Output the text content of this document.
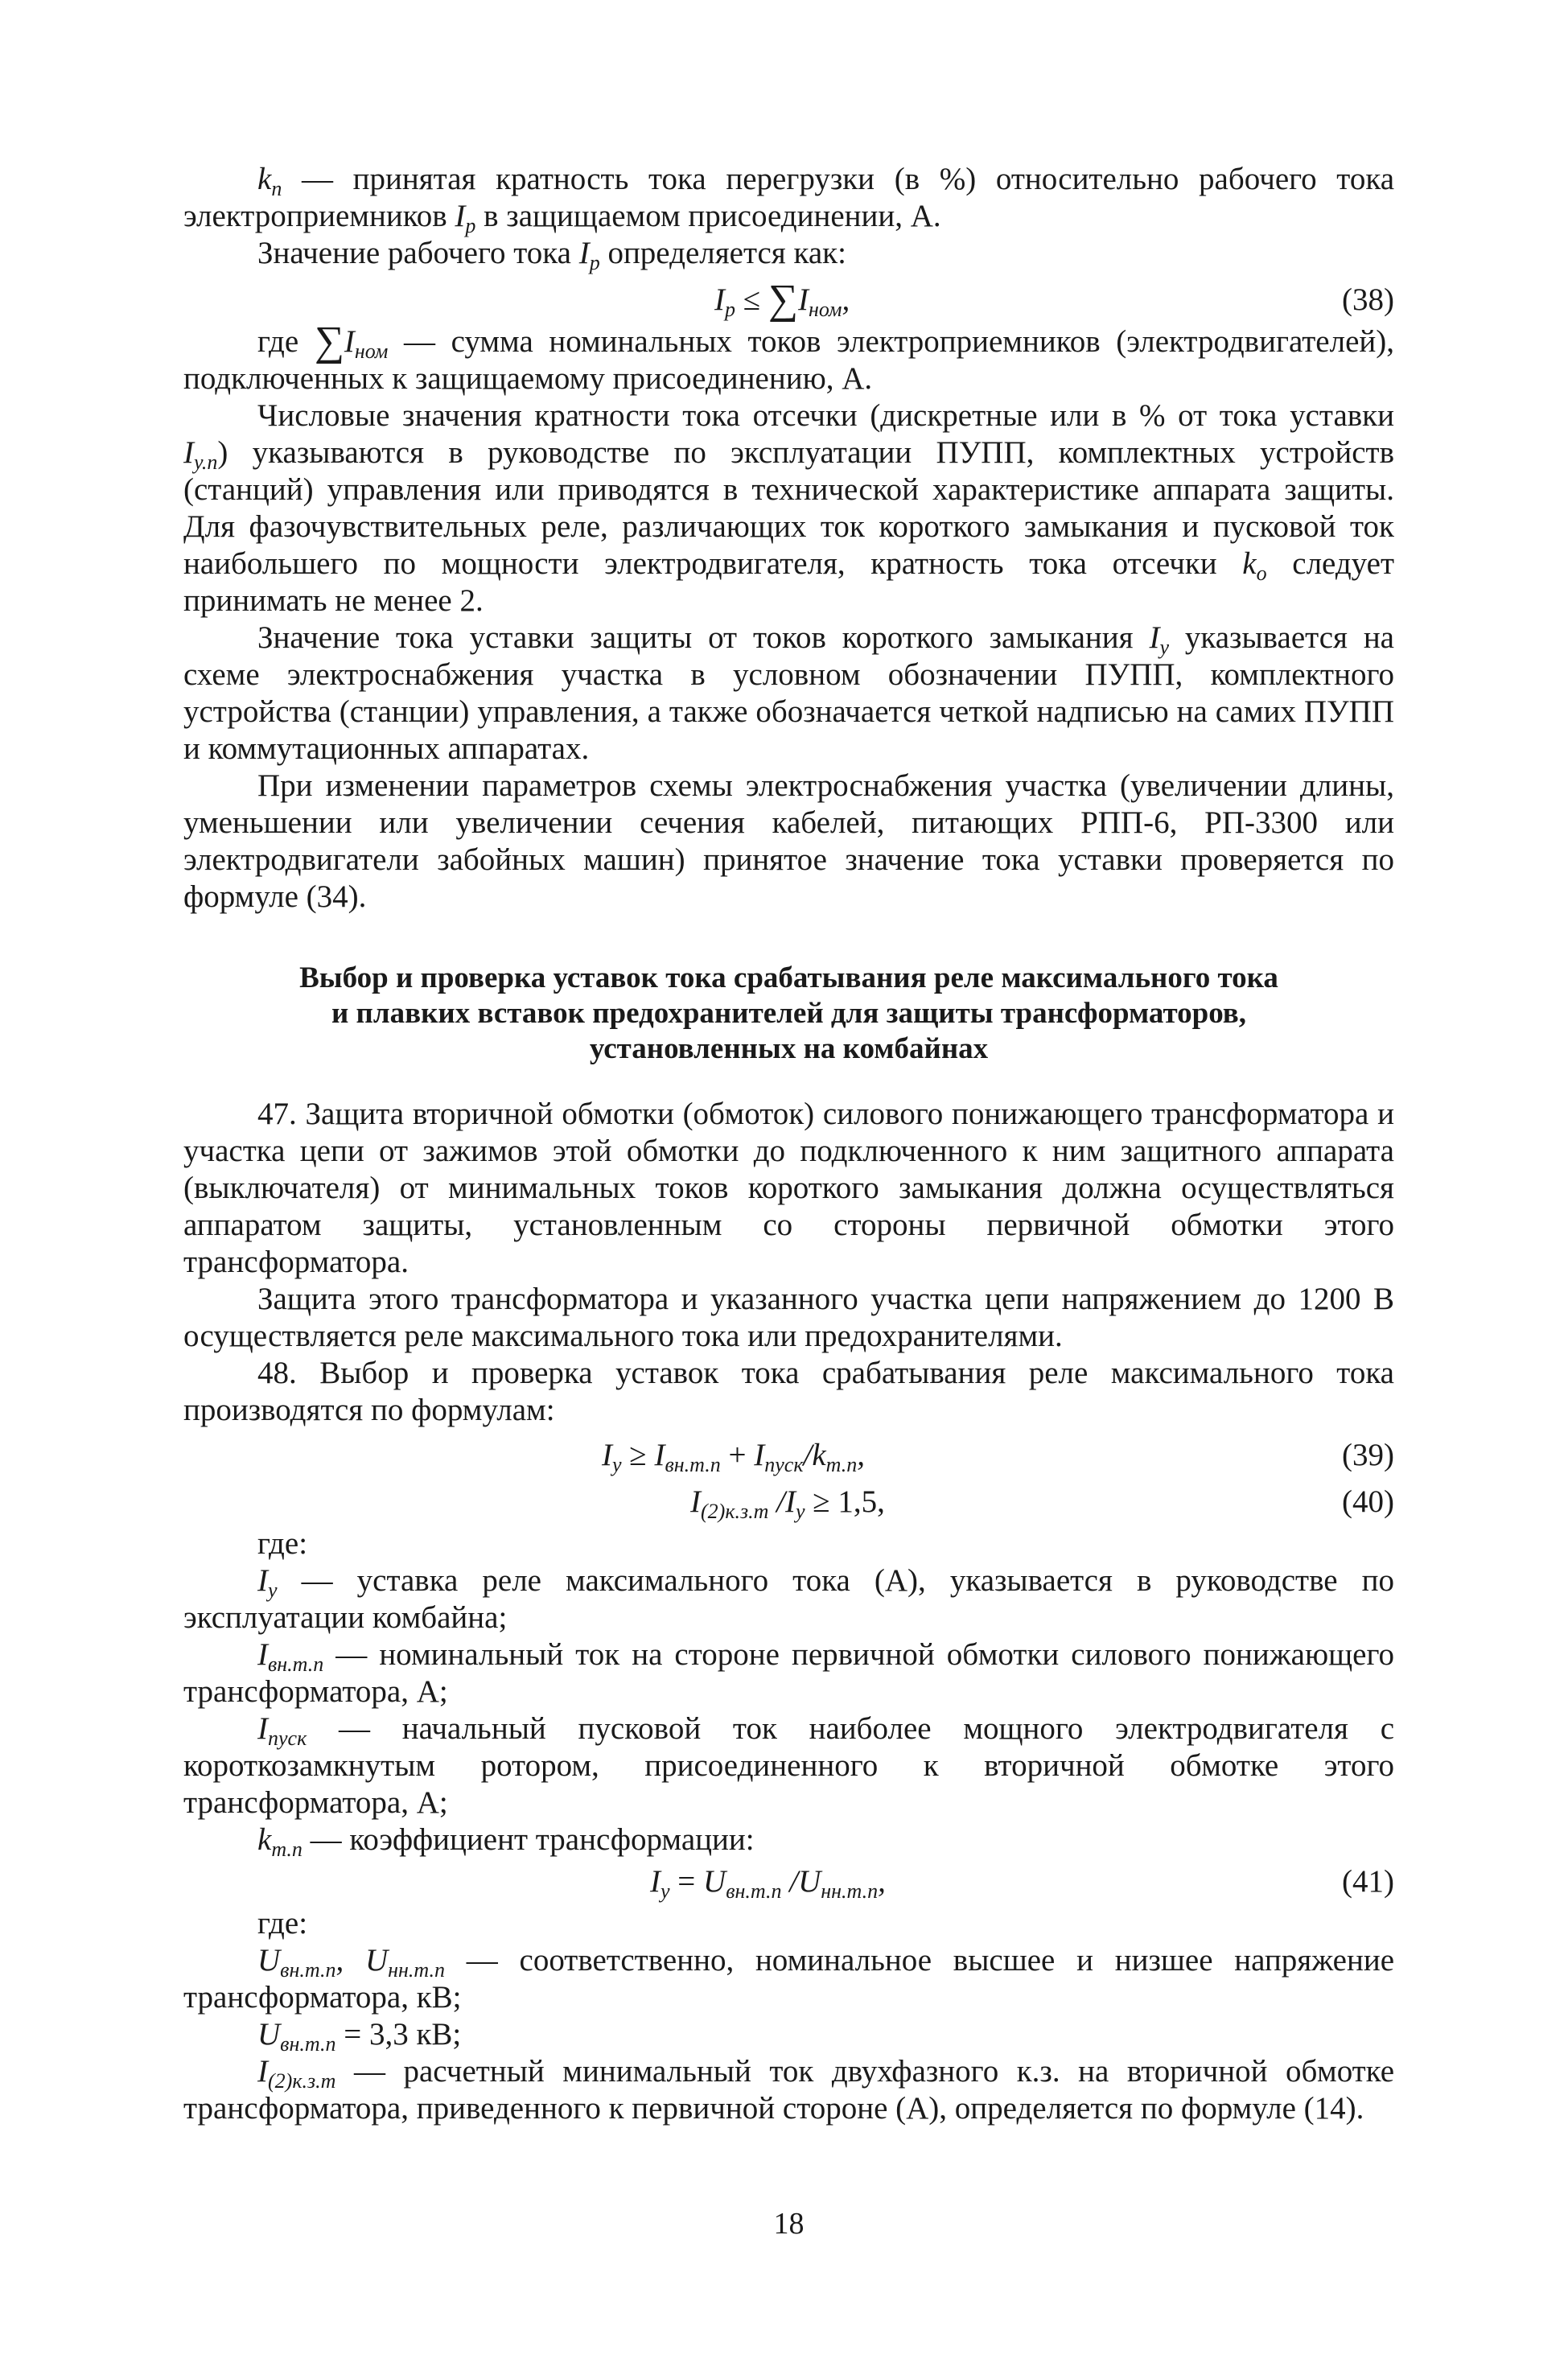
$k_п$ — принятая кратность тока перегрузки (в %) относительно рабочего тока электроприемников $I_р$ в защищаемом присоединении, А.

Значение рабочего тока $I_р$ определяется как:

$I_р \le \sum I_{ном}$,	(38)

где $\sum I_{ном}$ — сумма номинальных токов электроприемников (электродвигателей), подключенных к защищаемому присоединению, А.

Числовые значения кратности тока отсечки (дискретные или в % от тока уставки $I_{у.п}$) указываются в руководстве по эксплуатации ПУПП, комплектных устройств (станций) управления или приводятся в технической характеристике аппарата защиты. Для фазочувствительных реле, различающих ток короткого замыкания и пусковой ток наибольшего по мощности электродвигателя, кратность тока отсечки $k_о$ следует принимать не менее 2.

Значение тока уставки защиты от токов короткого замыкания $I_у$ указывается на схеме электроснабжения участка в условном обозначении ПУПП, комплектного устройства (станции) управления, а также обозначается четкой надписью на самих ПУПП и коммутационных аппаратах.

При изменении параметров схемы электроснабжения участка (увеличении длины, уменьшении или увеличении сечения кабелей, питающих РПП-6, РП-3300 или электродвигатели забойных машин) принятое значение тока уставки проверяется по формуле (34).

Выбор и проверка уставок тока срабатывания реле максимального тока

и плавких вставок предохранителей для защиты трансформаторов,

установленных на комбайнах

47. Защита вторичной обмотки (обмоток) силового понижающего трансформатора и участка цепи от зажимов этой обмотки до подключенного к ним защитного аппарата (выключателя) от минимальных токов короткого замыкания должна осуществляться аппаратом защиты, установленным со стороны первичной обмотки этого трансформатора.

Защита этого трансформатора и указанного участка цепи напряжением до 1200 В осуществляется реле максимального тока или предохранителями.

48. Выбор и проверка уставок тока срабатывания реле максимального тока производятся по формулам:

$I_у \ge I_{вн.т.п} + I_{пуск}/k_{т.п}$,	(39)
$I_{(2)к.з.т}$ $/I_у \ge 1,5$,	(40)

где:

$I_у$ — уставка реле максимального тока (А), указывается в руководстве по эксплуатации комбайна;

$I_{вн.т.п}$ — номинальный ток на стороне первичной обмотки силового понижающего трансформатора, А;

$I_{пуск}$ — начальный пусковой ток наиболее мощного электродвигателя с короткозамкнутым ротором, присоединенного к вторичной обмотке этого трансформатора, А;

$k_{т.п}$ — коэффициент трансформации:

$I_у = U_{вн.т.п}$ $/U_{нн.т.п}$,	(41)

где:

$U_{вн.т.п}$, $U_{нн.т.п}$ — соответственно, номинальное высшее и низшее напряжение трансформатора, кВ;

$U_{вн.т.п} = 3,3$ кВ;

$I_{(2)к.з.т}$ — расчетный минимальный ток двухфазного к.з. на вторичной обмотке трансформатора, приведенного к первичной стороне (А), определяется по формуле (14).

18
